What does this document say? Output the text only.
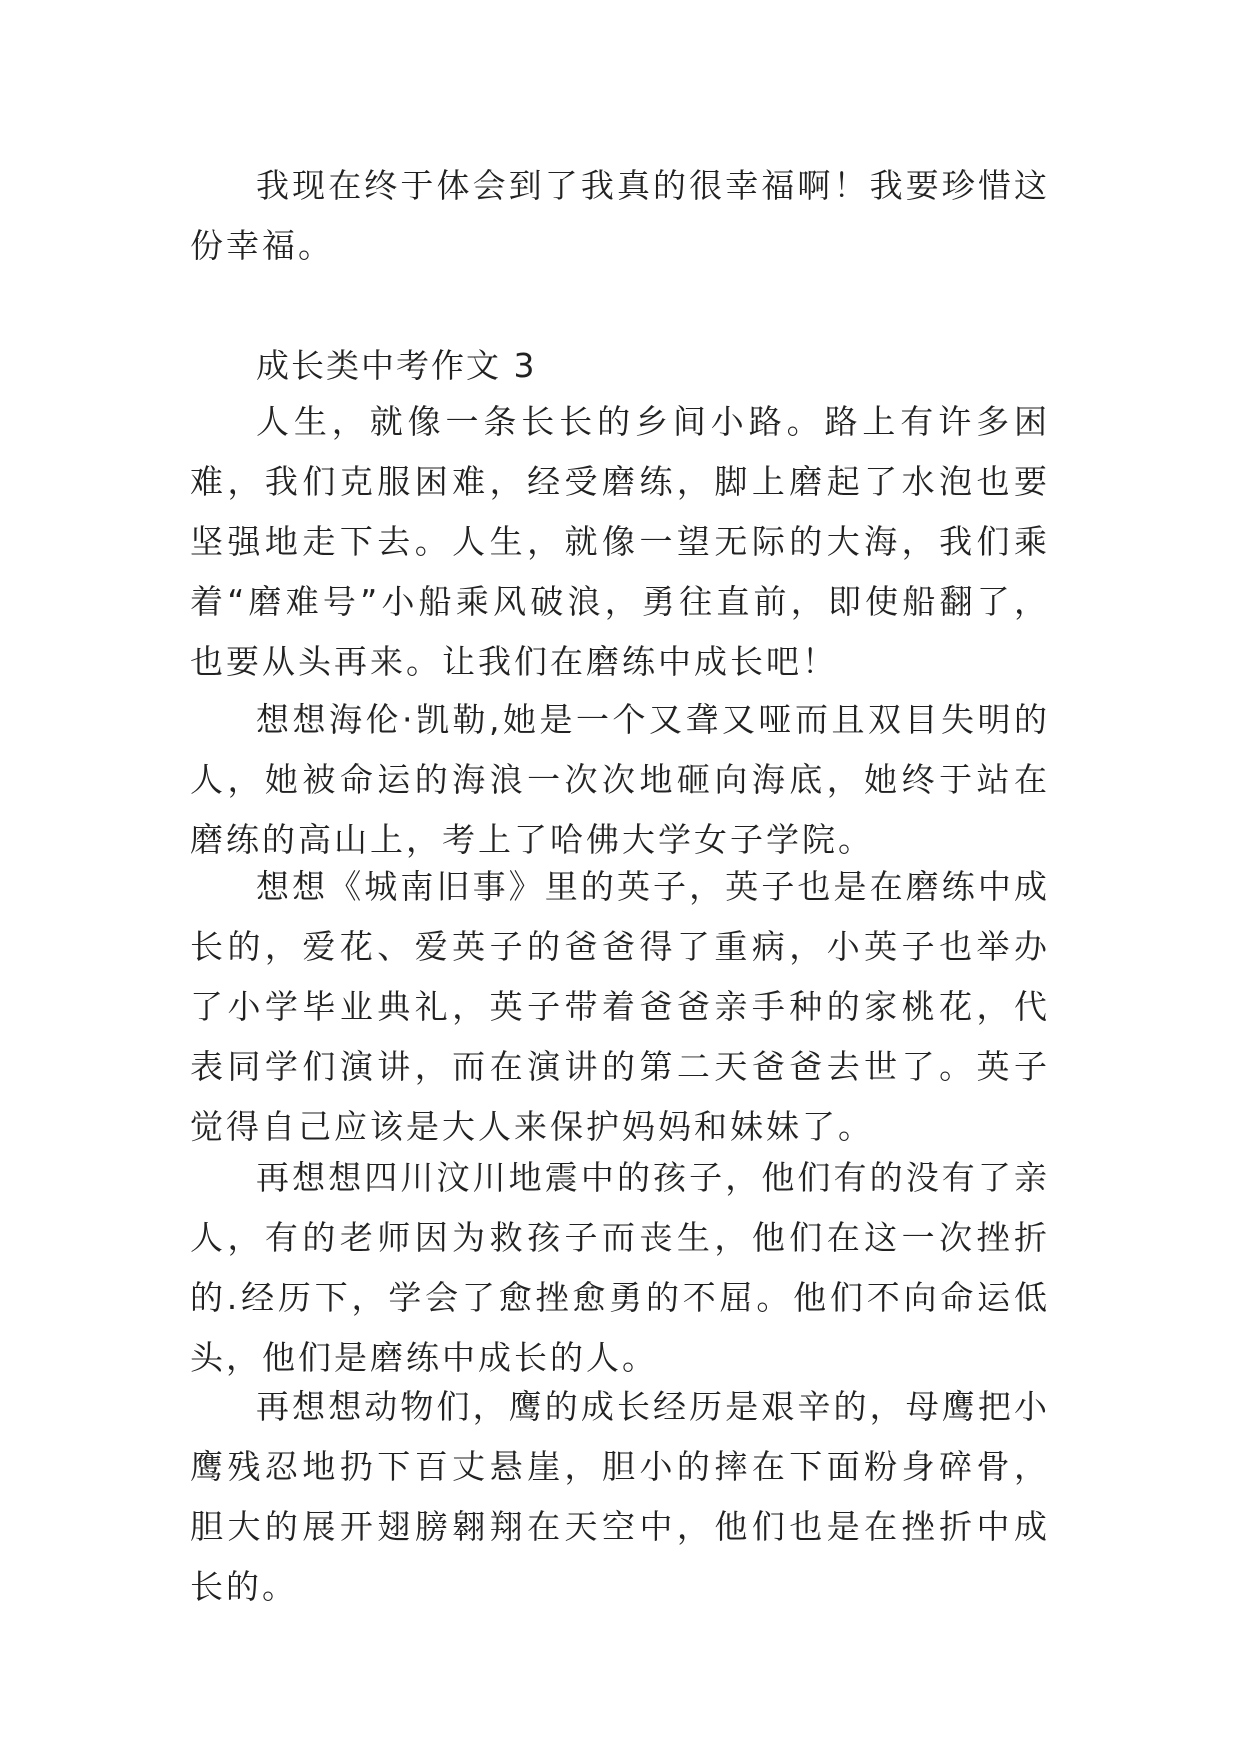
我现在终于体会到了我真的很幸福啊！我要珍惜这份幸福。

成长类中考作文 3

人生，就像一条长长的乡间小路。路上有许多困难，我们克服困难，经受磨练，脚上磨起了水泡也要坚强地走下去。人生，就像一望无际的大海，我们乘着“磨难号”小船乘风破浪，勇往直前，即使船翻了，也要从头再来。让我们在磨练中成长吧！

想想海伦·凯勒,她是一个又聋又哑而且双目失明的人，她被命运的海浪一次次地砸向海底，她终于站在磨练的高山上，考上了哈佛大学女子学院。

想想《城南旧事》里的英子，英子也是在磨练中成长的，爱花、爱英子的爸爸得了重病，小英子也举办了小学毕业典礼，英子带着爸爸亲手种的家桃花，代表同学们演讲，而在演讲的第二天爸爸去世了。英子觉得自己应该是大人来保护妈妈和妹妹了。

再想想四川汶川地震中的孩子，他们有的没有了亲人，有的老师因为救孩子而丧生，他们在这一次挫折的.经历下，学会了愈挫愈勇的不屈。他们不向命运低头，他们是磨练中成长的人。

再想想动物们，鹰的成长经历是艰辛的，母鹰把小鹰残忍地扔下百丈悬崖，胆小的摔在下面粉身碎骨，胆大的展开翅膀翱翔在天空中，他们也是在挫折中成长的。
